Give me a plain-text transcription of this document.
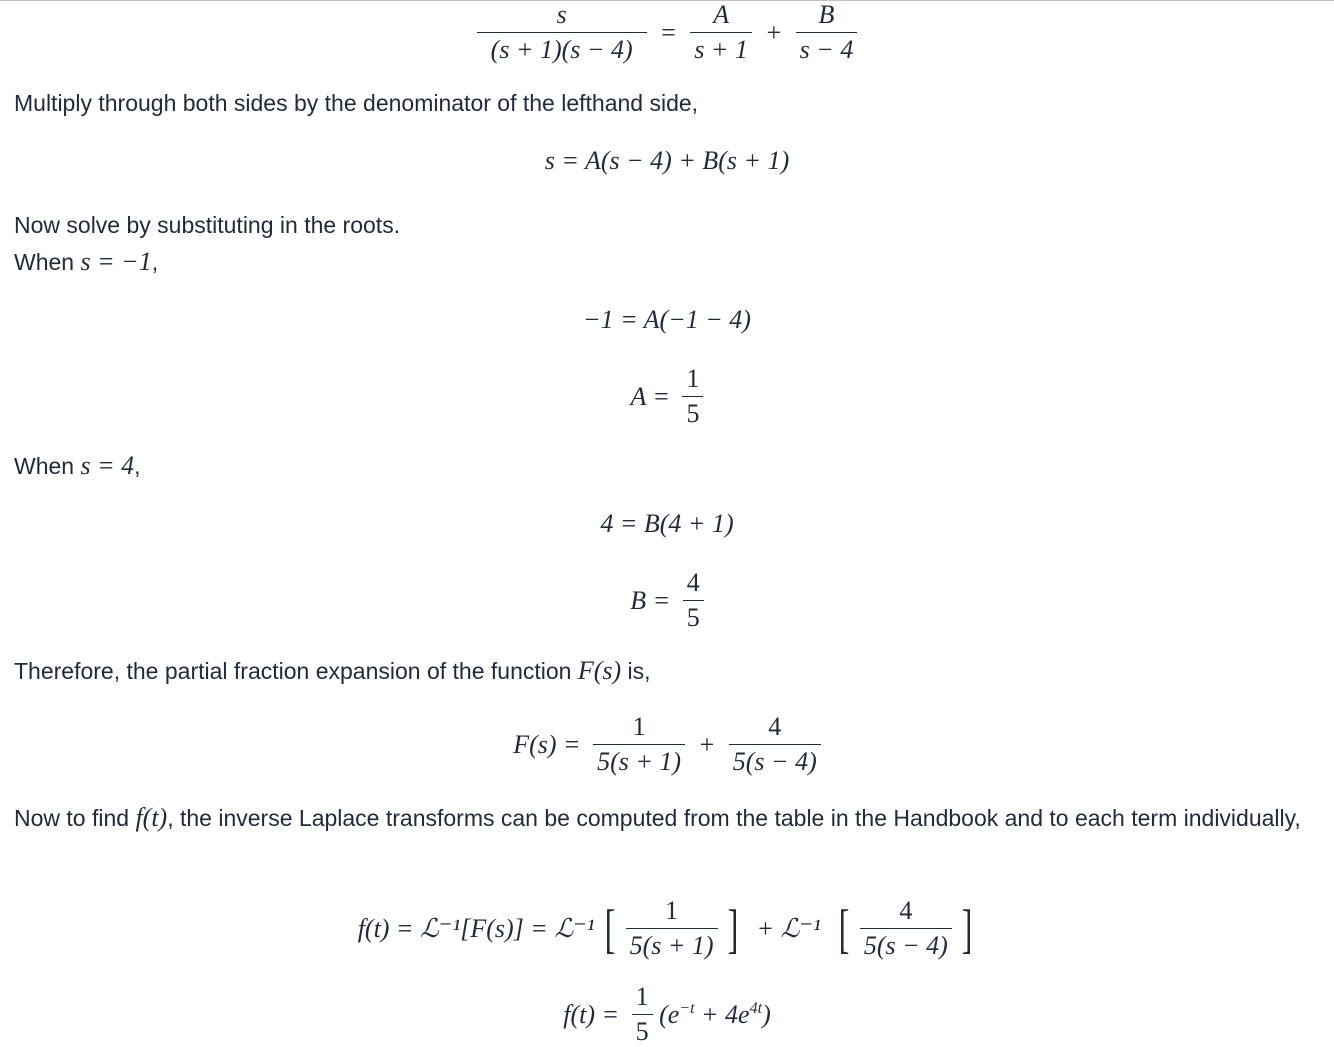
$\frac{s}{(s + 1)(s - 4)} = \frac{A}{s + 1} + \frac{B}{s - 4}$
Multiply through both sides by the denominator of the lefthand side,
s = A(s − 4) + B(s + 1)
Now solve by substituting in the roots.
When s = −1,
−1 = A(−1 − 4)
$A = \frac{1}{5}$
When s = 4,
4 = B(4 + 1)
$B = \frac{4}{5}$
Therefore, the partial fraction expansion of the function F(s) is,
$F(s) = \frac{1}{5(s + 1)} + \frac{4}{5(s - 4)}$
Now to find f(t), the inverse Laplace transforms can be computed from the table in the Handbook and to each term individually,
f(t) = ℒ⁻¹[F(s)] = ℒ⁻¹ [ $\frac{1}{5(s + 1)}$ ] + ℒ⁻¹ [ $\frac{4}{5(s - 4)}$ ]
$f(t) = \frac{1}{5} (e^{-t} + 4e^{4t})$
